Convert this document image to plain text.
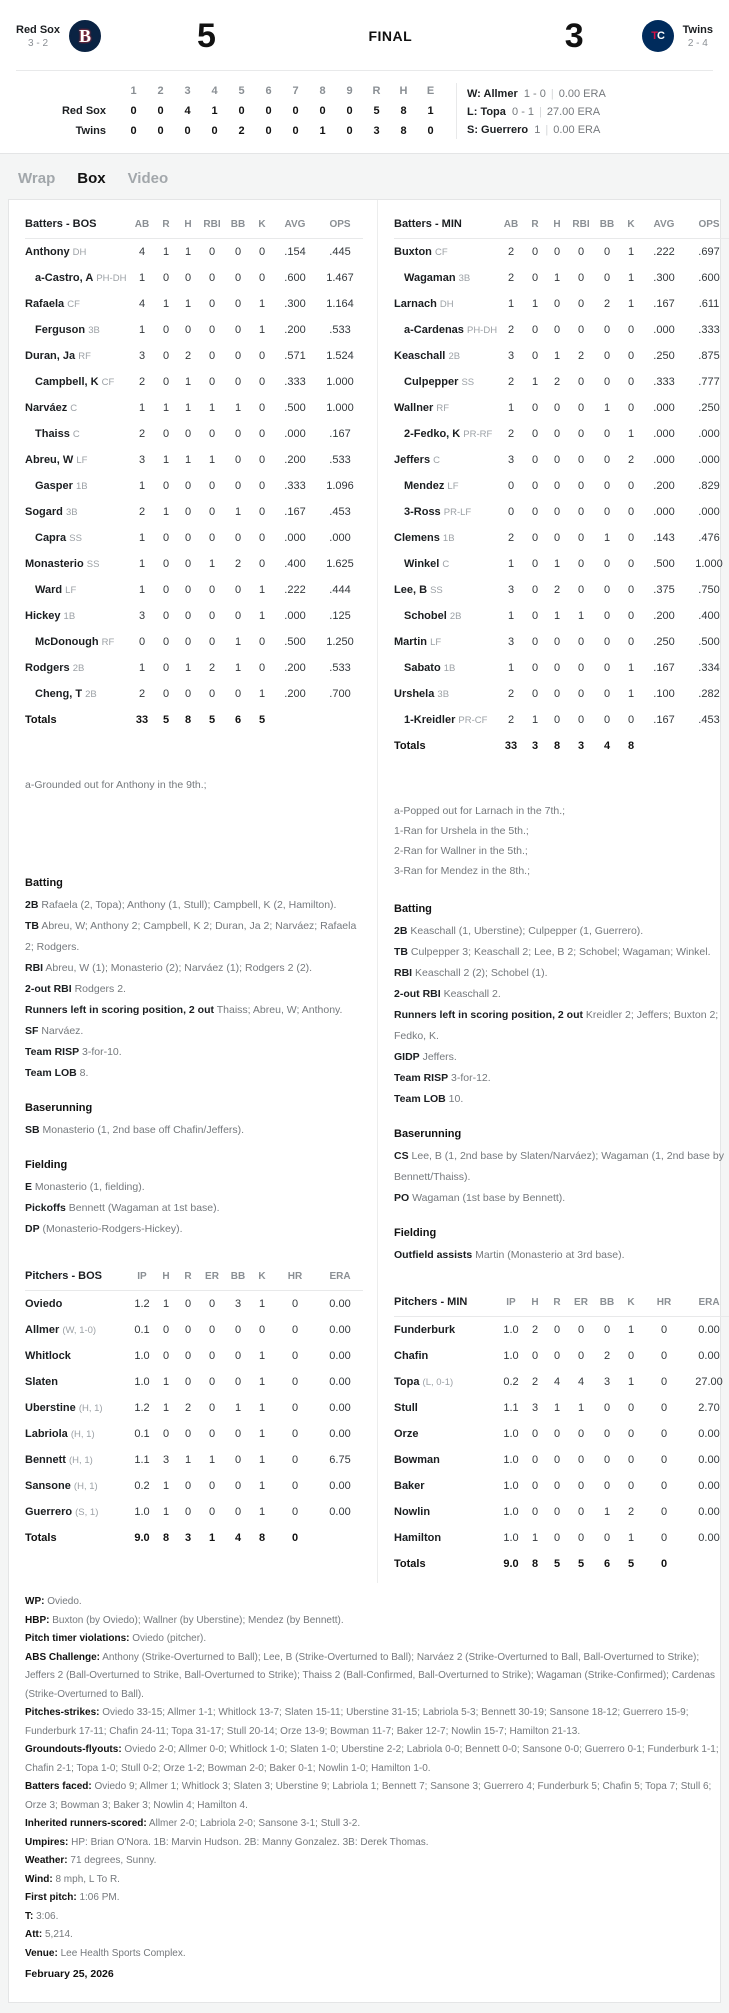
Red Sox
3 - 2	B	5	FINAL	3	TC
Twins
2 - 4
	1	2	3	4	5	6	7	8	9	R	H	E
Red Sox	0	0	4	1	0	0	0	0	0	5	8	1
Twins	0	0	0	0	2	0	0	1	0	3	8	0
W: Allmer  1 - 0 | 0.00 ERA
L: Topa  0 - 1 | 27.00 ERA
S: Guerrero  1 | 0.00 ERA
Wrap Box Video
Batters - BOS	AB	R	H	RBI	BB	K	AVG	OPS
Anthony DH	4	1	1	0	0	0	.154	.445
a-Castro, A PH-DH	1	0	0	0	0	0	.600	1.467
Rafaela CF	4	1	1	0	0	1	.300	1.164
Ferguson 3B	1	0	0	0	0	1	.200	.533
Duran, Ja RF	3	0	2	0	0	0	.571	1.524
Campbell, K CF	2	0	1	0	0	0	.333	1.000
Narváez C	1	1	1	1	1	0	.500	1.000
Thaiss C	2	0	0	0	0	0	.000	.167
Abreu, W LF	3	1	1	1	0	0	.200	.533
Gasper 1B	1	0	0	0	0	0	.333	1.096
Sogard 3B	2	1	0	0	1	0	.167	.453
Capra SS	1	0	0	0	0	0	.000	.000
Monasterio SS	1	0	0	1	2	0	.400	1.625
Ward LF	1	0	0	0	0	1	.222	.444
Hickey 1B	3	0	0	0	0	1	.000	.125
McDonough RF	0	0	0	0	1	0	.500	1.250
Rodgers 2B	1	0	1	2	1	0	.200	.533
Cheng, T 2B	2	0	0	0	0	1	.200	.700
Totals	33	5	8	5	6	5		
a-Grounded out for Anthony in the 9th.;
Batting

2B Rafaela (2, Topa); Anthony (1, Stull); Campbell, K (2, Hamilton).

TB Abreu, W; Anthony 2; Campbell, K 2; Duran, Ja 2; Narváez; Rafaela 2; Rodgers.

RBI Abreu, W (1); Monasterio (2); Narváez (1); Rodgers 2 (2).

2-out RBI Rodgers 2.

Runners left in scoring position, 2 out Thaiss; Abreu, W; Anthony.

SF Narváez.

Team RISP 3-for-10.

Team LOB 8.

Baserunning

SB Monasterio (1, 2nd base off Chafin/Jeffers).

Fielding

E Monasterio (1, fielding).

Pickoffs Bennett (Wagaman at 1st base).

DP (Monasterio-Rodgers-Hickey).

Pitchers - BOS	IP	H	R	ER	BB	K	HR	ERA
Oviedo	1.2	1	0	0	3	1	0	0.00
Allmer (W, 1-0)	0.1	0	0	0	0	0	0	0.00
Whitlock	1.0	0	0	0	0	1	0	0.00
Slaten	1.0	1	0	0	0	1	0	0.00
Uberstine (H, 1)	1.2	1	2	0	1	1	0	0.00
Labriola (H, 1)	0.1	0	0	0	0	1	0	0.00
Bennett (H, 1)	1.1	3	1	1	0	1	0	6.75
Sansone (H, 1)	0.2	1	0	0	0	1	0	0.00
Guerrero (S, 1)	1.0	1	0	0	0	1	0	0.00
Totals	9.0	8	3	1	4	8	0	
Batters - MIN	AB	R	H	RBI	BB	K	AVG	OPS
Buxton CF	2	0	0	0	0	1	.222	.697
Wagaman 3B	2	0	1	0	0	1	.300	.600
Larnach DH	1	1	0	0	2	1	.167	.611
a-Cardenas PH-DH	2	0	0	0	0	0	.000	.333
Keaschall 2B	3	0	1	2	0	0	.250	.875
Culpepper SS	2	1	2	0	0	0	.333	.777
Wallner RF	1	0	0	0	1	0	.000	.250
2-Fedko, K PR-RF	2	0	0	0	0	1	.000	.000
Jeffers C	3	0	0	0	0	2	.000	.000
Mendez LF	0	0	0	0	0	0	.200	.829
3-Ross PR-LF	0	0	0	0	0	0	.000	.000
Clemens 1B	2	0	0	0	1	0	.143	.476
Winkel C	1	0	1	0	0	0	.500	1.000
Lee, B SS	3	0	2	0	0	0	.375	.750
Schobel 2B	1	0	1	1	0	0	.200	.400
Martin LF	3	0	0	0	0	0	.250	.500
Sabato 1B	1	0	0	0	0	1	.167	.334
Urshela 3B	2	0	0	0	0	1	.100	.282
1-Kreidler PR-CF	2	1	0	0	0	0	.167	.453
Totals	33	3	8	3	4	8		
a-Popped out for Larnach in the 7th.;
1-Ran for Urshela in the 5th.;
2-Ran for Wallner in the 5th.;
3-Ran for Mendez in the 8th.;
Batting

2B Keaschall (1, Uberstine); Culpepper (1, Guerrero).

TB Culpepper 3; Keaschall 2; Lee, B 2; Schobel; Wagaman; Winkel.

RBI Keaschall 2 (2); Schobel (1).

2-out RBI Keaschall 2.

Runners left in scoring position, 2 out Kreidler 2; Jeffers; Buxton 2; Fedko, K.

GIDP Jeffers.

Team RISP 3-for-12.

Team LOB 10.

Baserunning

CS Lee, B (1, 2nd base by Slaten/Narváez); Wagaman (1, 2nd base by Bennett/Thaiss).

PO Wagaman (1st base by Bennett).

Fielding

Outfield assists Martin (Monasterio at 3rd base).

Pitchers - MIN	IP	H	R	ER	BB	K	HR	ERA
Funderburk	1.0	2	0	0	0	1	0	0.00
Chafin	1.0	0	0	0	2	0	0	0.00
Topa (L, 0-1)	0.2	2	4	4	3	1	0	27.00
Stull	1.1	3	1	1	0	0	0	2.70
Orze	1.0	0	0	0	0	0	0	0.00
Bowman	1.0	0	0	0	0	0	0	0.00
Baker	1.0	0	0	0	0	0	0	0.00
Nowlin	1.0	0	0	0	1	2	0	0.00
Hamilton	1.0	1	0	0	0	1	0	0.00
Totals	9.0	8	5	5	6	5	0	

WP: Oviedo.

HBP: Buxton (by Oviedo); Wallner (by Uberstine); Mendez (by Bennett).

Pitch timer violations: Oviedo (pitcher).

ABS Challenge: Anthony (Strike-Overturned to Ball); Lee, B (Strike-Overturned to Ball); Narváez 2 (Strike-Overturned to Ball, Ball-Overturned to Strike); Jeffers 2 (Ball-Overturned to Strike, Ball-Overturned to Strike); Thaiss 2 (Ball-Confirmed, Ball-Overturned to Strike); Wagaman (Strike-Confirmed); Cardenas (Strike-Overturned to Ball).

Pitches-strikes: Oviedo 33-15; Allmer 1-1; Whitlock 13-7; Slaten 15-11; Uberstine 31-15; Labriola 5-3; Bennett 30-19; Sansone 18-12; Guerrero 15-9; Funderburk 17-11; Chafin 24-11; Topa 31-17; Stull 20-14; Orze 13-9; Bowman 11-7; Baker 12-7; Nowlin 15-7; Hamilton 21-13.

Groundouts-flyouts: Oviedo 2-0; Allmer 0-0; Whitlock 1-0; Slaten 1-0; Uberstine 2-2; Labriola 0-0; Bennett 0-0; Sansone 0-0; Guerrero 0-1; Funderburk 1-1; Chafin 2-1; Topa 1-0; Stull 0-2; Orze 1-2; Bowman 2-0; Baker 0-1; Nowlin 1-0; Hamilton 1-0.

Batters faced: Oviedo 9; Allmer 1; Whitlock 3; Slaten 3; Uberstine 9; Labriola 1; Bennett 7; Sansone 3; Guerrero 4; Funderburk 5; Chafin 5; Topa 7; Stull 6; Orze 3; Bowman 3; Baker 3; Nowlin 4; Hamilton 4.

Inherited runners-scored: Allmer 2-0; Labriola 2-0; Sansone 3-1; Stull 3-2.

Umpires: HP: Brian O'Nora. 1B: Marvin Hudson. 2B: Manny Gonzalez. 3B: Derek Thomas.

Weather: 71 degrees, Sunny.

Wind: 8 mph, L To R.

First pitch: 1:06 PM.

T: 3:06.

Att: 5,214.

Venue: Lee Health Sports Complex.

February 25, 2026
